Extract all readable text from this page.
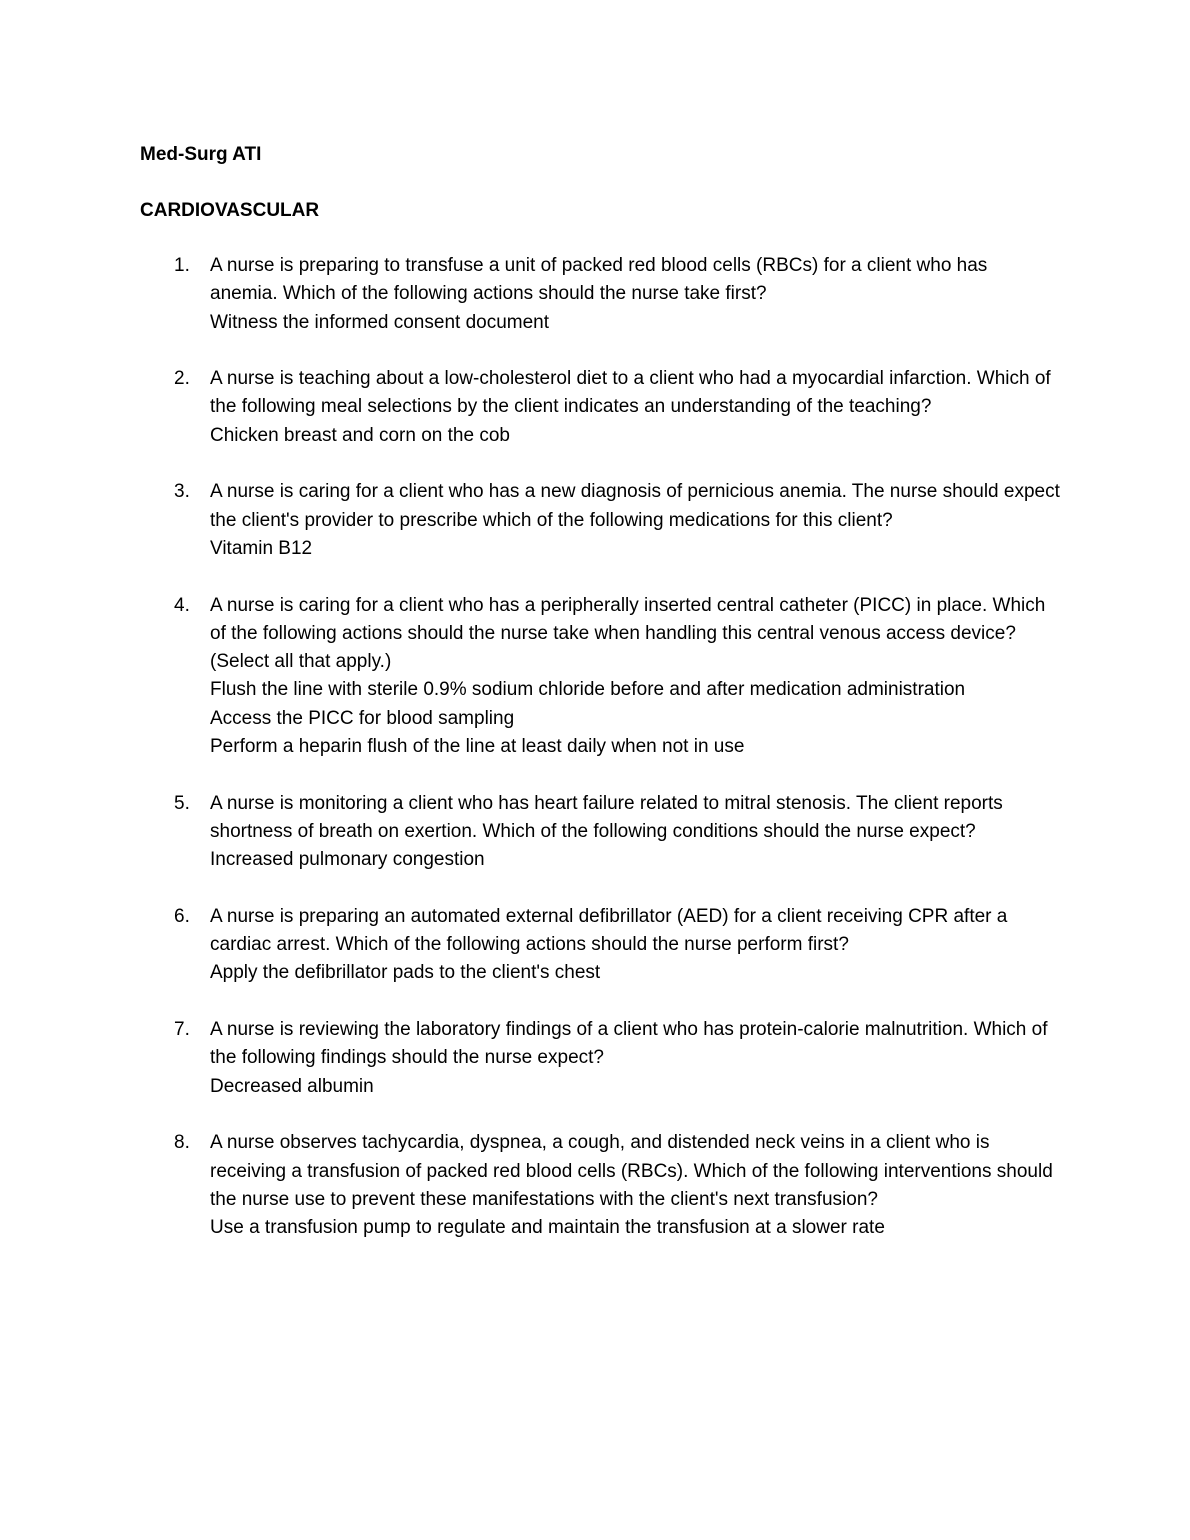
Med-Surg ATI
CARDIOVASCULAR
1. A nurse is preparing to transfuse a unit of packed red blood cells (RBCs) for a client who has anemia. Which of the following actions should the nurse take first?
Witness the informed consent document
2. A nurse is teaching about a low-cholesterol diet to a client who had a myocardial infarction. Which of the following meal selections by the client indicates an understanding of the teaching?
Chicken breast and corn on the cob
3. A nurse is caring for a client who has a new diagnosis of pernicious anemia. The nurse should expect the client's provider to prescribe which of the following medications for this client?
Vitamin B12
4. A nurse is caring for a client who has a peripherally inserted central catheter (PICC) in place. Which of the following actions should the nurse take when handling this central venous access device? (Select all that apply.)
Flush the line with sterile 0.9% sodium chloride before and after medication administration
Access the PICC for blood sampling
Perform a heparin flush of the line at least daily when not in use
5. A nurse is monitoring a client who has heart failure related to mitral stenosis. The client reports shortness of breath on exertion. Which of the following conditions should the nurse expect?
Increased pulmonary congestion
6. A nurse is preparing an automated external defibrillator (AED) for a client receiving CPR after a cardiac arrest. Which of the following actions should the nurse perform first?
Apply the defibrillator pads to the client's chest
7. A nurse is reviewing the laboratory findings of a client who has protein-calorie malnutrition. Which of the following findings should the nurse expect?
Decreased albumin
8. A nurse observes tachycardia, dyspnea, a cough, and distended neck veins in a client who is receiving a transfusion of packed red blood cells (RBCs). Which of the following interventions should the nurse use to prevent these manifestations with the client's next transfusion?
Use a transfusion pump to regulate and maintain the transfusion at a slower rate
